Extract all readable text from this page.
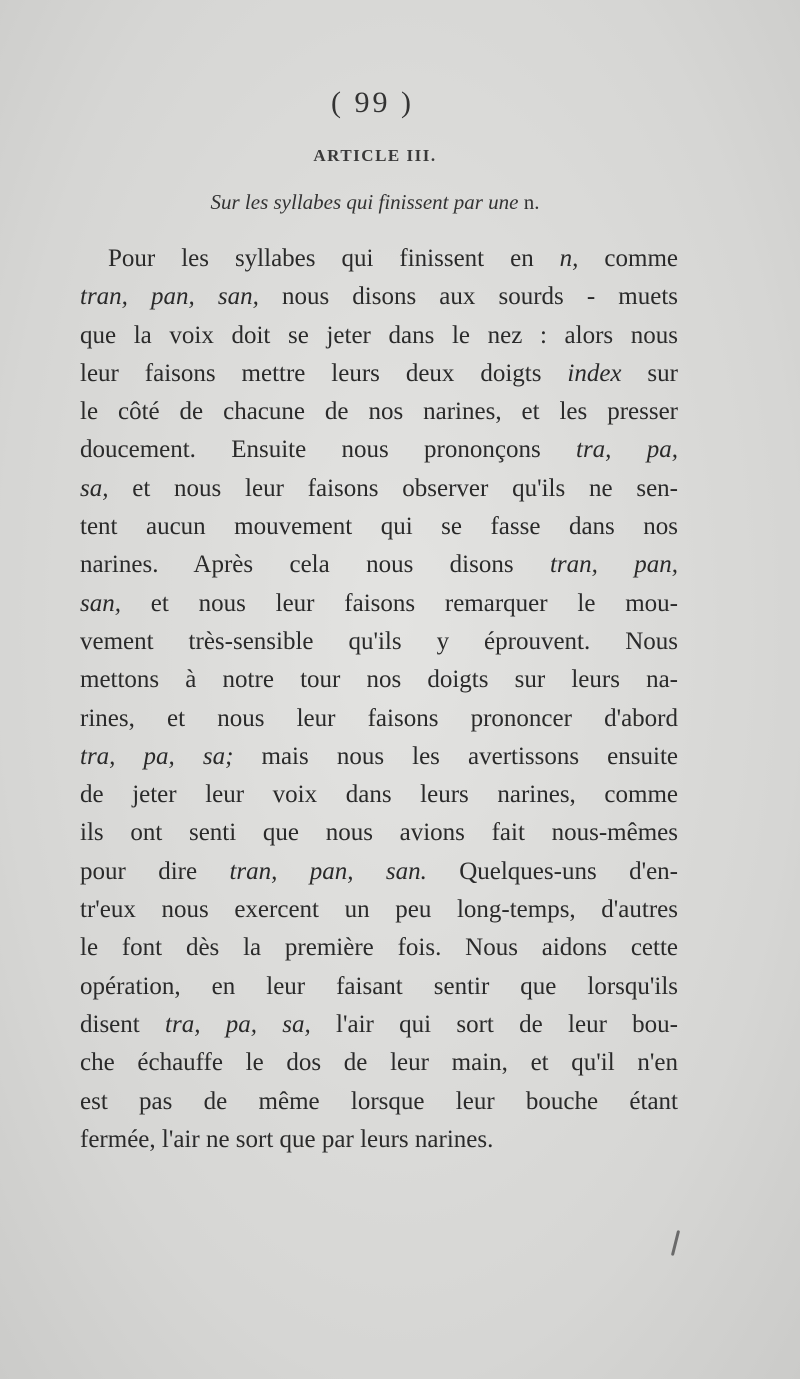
( 99 )
ARTICLE III.
Sur les syllabes qui finissent par une n.
Pour les syllabes qui finissent en n, comme
tran, pan, san, nous disons aux sourds - muets
que la voix doit se jeter dans le nez : alors nous
leur faisons mettre leurs deux doigts index sur
le côté de chacune de nos narines, et les presser
doucement. Ensuite nous prononçons tra, pa,
sa, et nous leur faisons observer qu'ils ne sen-
tent aucun mouvement qui se fasse dans nos
narines. Après cela nous disons tran, pan,
san, et nous leur faisons remarquer le mou-
vement très-sensible qu'ils y éprouvent. Nous
mettons à notre tour nos doigts sur leurs na-
rines, et nous leur faisons prononcer d'abord
tra, pa, sa; mais nous les avertissons ensuite
de jeter leur voix dans leurs narines, comme
ils ont senti que nous avions fait nous-mêmes
pour dire tran, pan, san. Quelques-uns d'en-
tr'eux nous exercent un peu long-temps, d'autres
le font dès la première fois. Nous aidons cette
opération, en leur faisant sentir que lorsqu'ils
disent tra, pa, sa, l'air qui sort de leur bou-
che échauffe le dos de leur main, et qu'il n'en
est pas de même lorsque leur bouche étant
fermée, l'air ne sort que par leurs narines.
